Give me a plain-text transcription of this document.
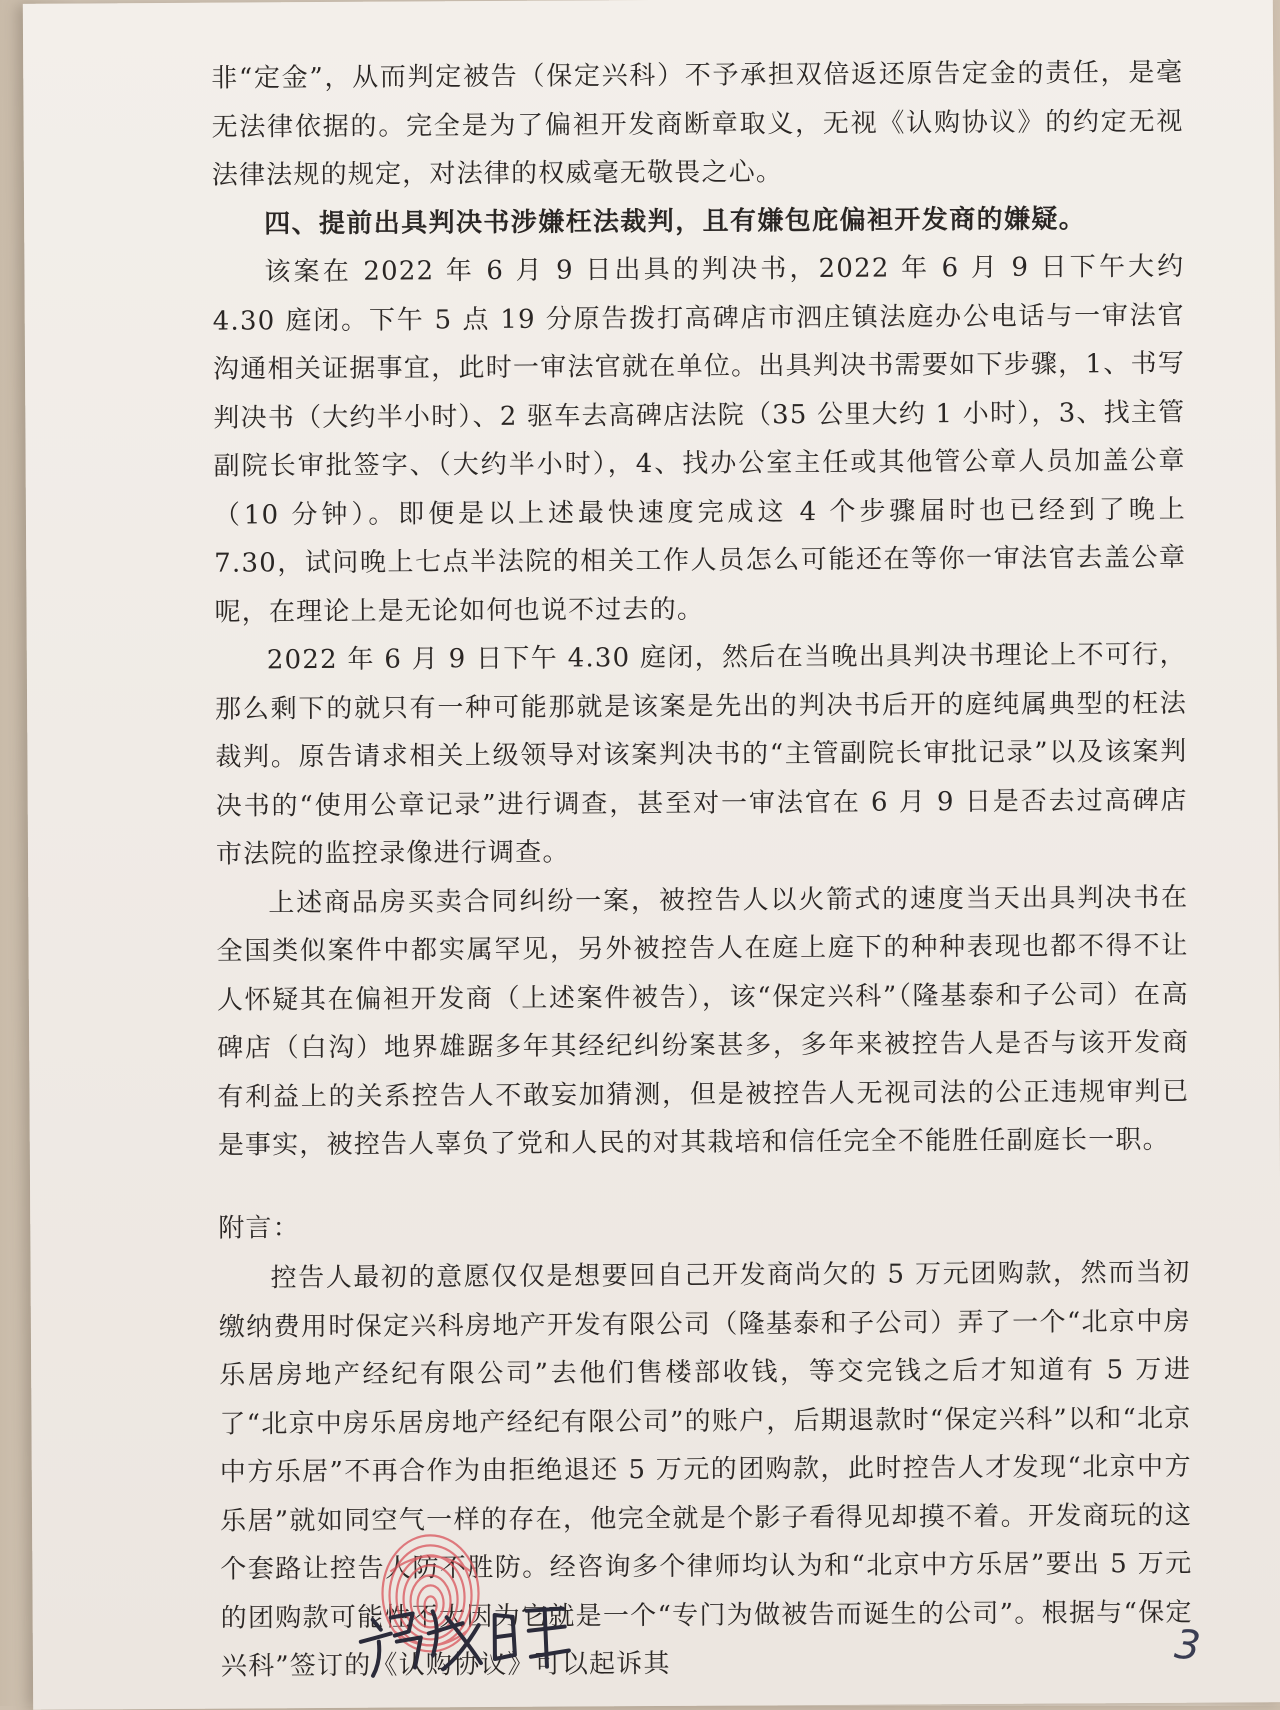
非“定金”，从而判定被告（保定兴科）不予承担双倍返还原告定金的责任，是毫无法律依据的。完全是为了偏袒开发商断章取义，无视《认购协议》的约定无视法律法规的规定，对法律的权威毫无敬畏之心。

四、提前出具判决书涉嫌枉法裁判，且有嫌包庇偏袒开发商的嫌疑。

该案在 2022 年 6 月 9 日出具的判决书，2022 年 6 月 9 日下午大约 4.30 庭闭。下午 5 点 19 分原告拨打高碑店市泗庄镇法庭办公电话与一审法官沟通相关证据事宜，此时一审法官就在单位。出具判决书需要如下步骤，1、书写判决书（大约半小时）、2 驱车去高碑店法院（35 公里大约 1 小时），3、找主管副院长审批签字、（大约半小时），4、找办公室主任或其他管公章人员加盖公章（10 分钟）。即便是以上述最快速度完成这 4 个步骤届时也已经到了晚上 7.30，试问晚上七点半法院的相关工作人员怎么可能还在等你一审法官去盖公章呢，在理论上是无论如何也说不过去的。

2022 年 6 月 9 日下午 4.30 庭闭，然后在当晚出具判决书理论上不可行，那么剩下的就只有一种可能那就是该案是先出的判决书后开的庭纯属典型的枉法裁判。原告请求相关上级领导对该案判决书的“主管副院长审批记录”以及该案判决书的“使用公章记录”进行调查，甚至对一审法官在 6 月 9 日是否去过高碑店市法院的监控录像进行调查。

上述商品房买卖合同纠纷一案，被控告人以火箭式的速度当天出具判决书在全国类似案件中都实属罕见，另外被控告人在庭上庭下的种种表现也都不得不让人怀疑其在偏袒开发商（上述案件被告），该“保定兴科”（隆基泰和子公司）在高碑店（白沟）地界雄踞多年其经纪纠纷案甚多，多年来被控告人是否与该开发商有利益上的关系控告人不敢妄加猜测，但是被控告人无视司法的公正违规审判已是事实，被控告人辜负了党和人民的对其栽培和信任完全不能胜任副庭长一职。

附言：

控告人最初的意愿仅仅是想要回自己开发商尚欠的 5 万元团购款，然而当初缴纳费用时保定兴科房地产开发有限公司（隆基泰和子公司）弄了一个“北京中房乐居房地产经纪有限公司”去他们售楼部收钱，等交完钱之后才知道有 5 万进了“北京中房乐居房地产经纪有限公司”的账户，后期退款时“保定兴科”以和“北京中方乐居”不再合作为由拒绝退还 5 万元的团购款，此时控告人才发现“北京中方乐居”就如同空气一样的存在，他完全就是个影子看得见却摸不着。开发商玩的这个套路让控告人防不胜防。经咨询多个律师均认为和“北京中方乐居”要出 5 万元的团购款可能性不大因为它就是一个“专门为做被告而诞生的公司”。根据与“保定兴科”签订的《认购协议》可以起诉其	3
